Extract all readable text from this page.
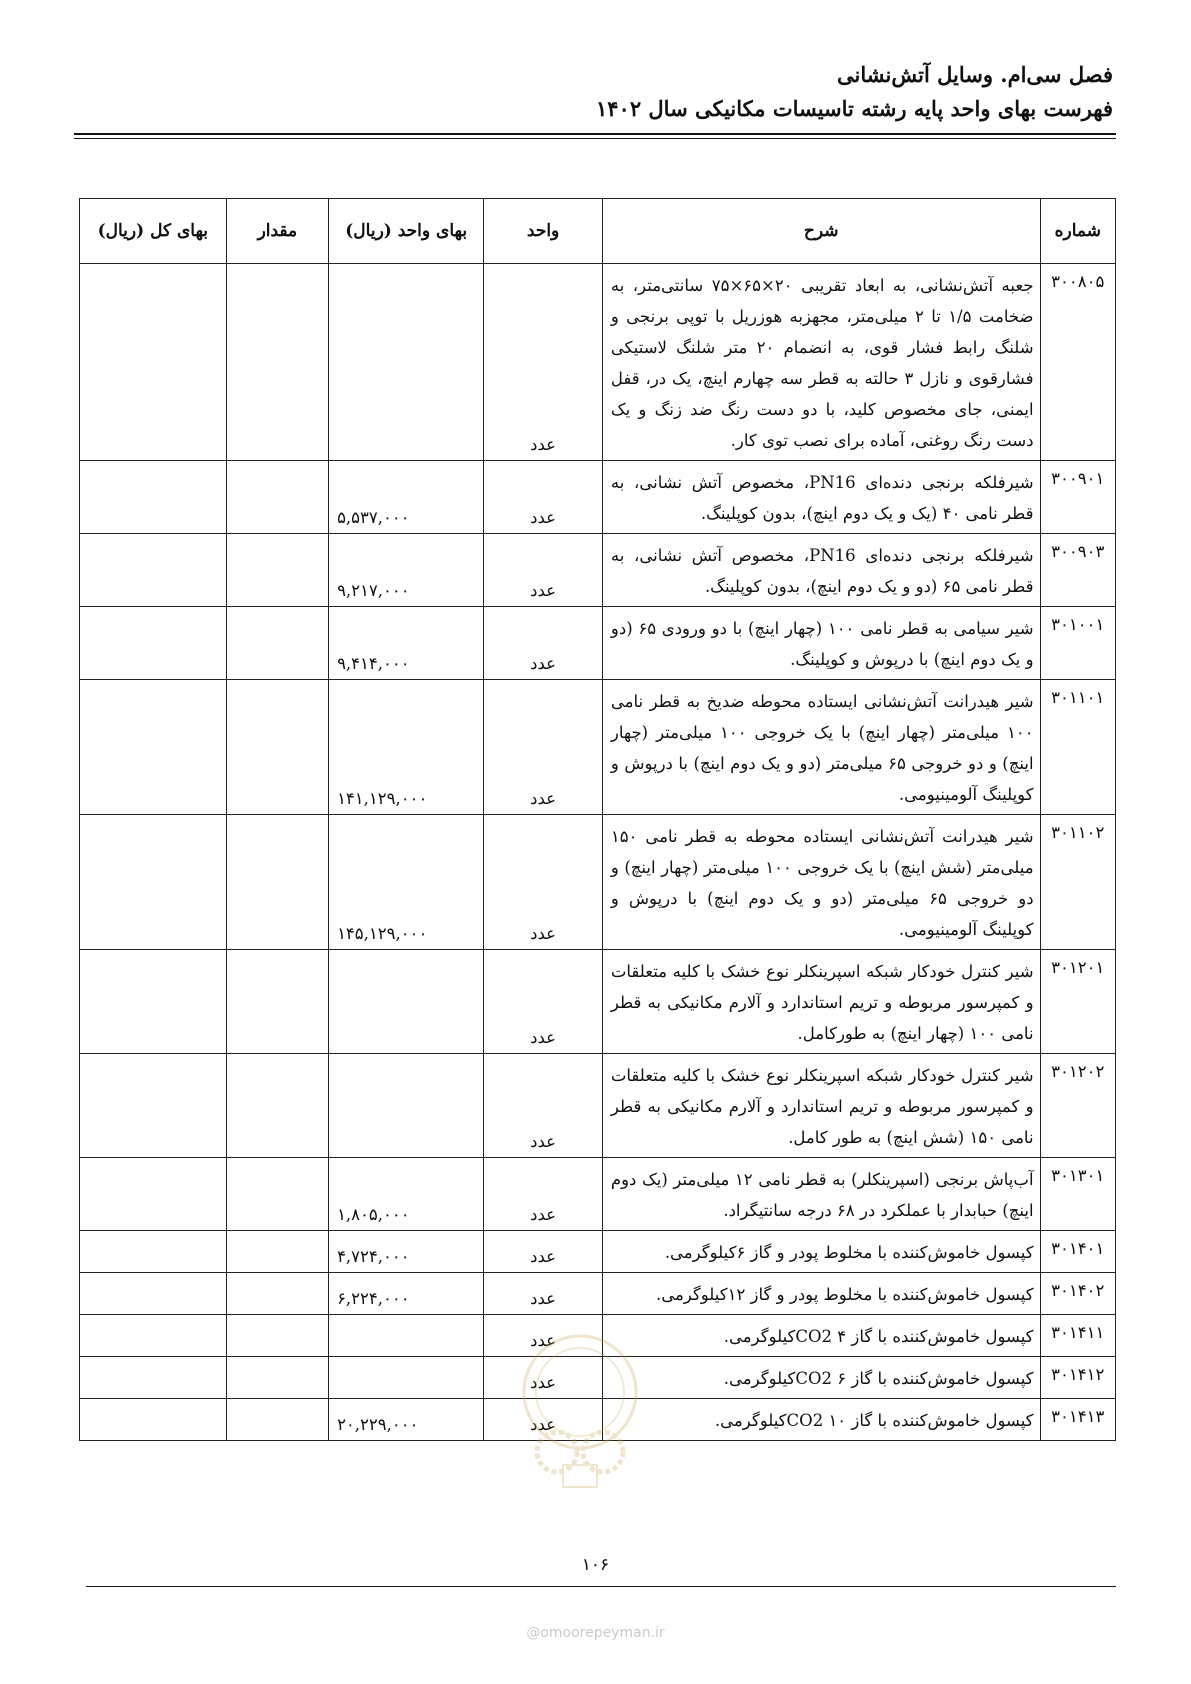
فصل سی‌ام. وسایل آتش‌نشانی
فهرست بهای واحد پایه رشته تاسیسات مکانیکی سال ۱۴۰۲
شماره	شرح	واحد	بهای واحد (ریال)	مقدار	بهای کل (ریال)
۳۰۰۸۰۵	جعبه آتش‌نشانی، به ابعاد تقریبی ۲۰×۶۵×۷۵ سانتی‌متر، به ضخامت ۱/۵ تا ۲ میلی‌متر، مجهزبه هوزریل با توپی برنجی و شلنگ رابط فشار قوی، به انضمام ۲۰ متر شلنگ لاستیکی فشارقوی و نازل ۳ حالته به قطر سه چهارم اینچ، یک در، قفل ایمنی، جای مخصوص کلید، با دو دست رنگ ضد زنگ و یک دست رنگ روغنی، آماده برای نصب توی کار.	عدد			
۳۰۰۹۰۱	شیرفلکه برنجی دنده‌ای PN16، مخصوص آتش نشانی، به قطر نامی ۴۰ (یک و یک دوم اینچ)، بدون کوپلینگ.	عدد	۵,۵۳۷,۰۰۰		
۳۰۰۹۰۳	شیرفلکه برنجی دنده‌ای PN16، مخصوص آتش نشانی، به قطر نامی ۶۵ (دو و یک دوم اینچ)، بدون کوپلینگ.	عدد	۹,۲۱۷,۰۰۰		
۳۰۱۰۰۱	شیر سیامی به قطر نامی ۱۰۰ (چهار اینچ) با دو ورودی ۶۵ (دو و یک دوم اینچ) با درپوش و کوپلینگ.	عدد	۹,۴۱۴,۰۰۰		
۳۰۱۱۰۱	شیر هیدرانت آتش‌نشانی ایستاده محوطه ضدیخ به قطر نامی ۱۰۰ میلی‌متر (چهار اینچ) با یک خروجی ۱۰۰ میلی‌متر (چهار اینچ) و دو خروجی ۶۵ میلی‌متر (دو و یک دوم اینچ) با درپوش و کوپلینگ آلومینیومی.	عدد	۱۴۱,۱۲۹,۰۰۰		
۳۰۱۱۰۲	شیر هیدرانت آتش‌نشانی ایستاده محوطه به قطر نامی ۱۵۰ میلی‌متر (شش اینچ) با یک خروجی ۱۰۰ میلی‌متر (چهار اینچ) و دو خروجی ۶۵ میلی‌متر (دو و یک دوم اینچ) با درپوش و کوپلینگ آلومینیومی.	عدد	۱۴۵,۱۲۹,۰۰۰		
۳۰۱۲۰۱	شیر کنترل خودکار شبکه اسپرینکلر نوع خشک با کلیه متعلقات و کمپرسور مربوطه و تریم استاندارد و آلارم مکانیکی به قطر نامی ۱۰۰ (چهار اینچ) به طورکامل.	عدد			
۳۰۱۲۰۲	شیر کنترل خودکار شبکه اسپرینکلر نوع خشک با کلیه متعلقات و کمپرسور مربوطه و تریم استاندارد و آلارم مکانیکی به قطر نامی ۱۵۰ (شش اینچ) به طور کامل.	عدد			
۳۰۱۳۰۱	آب‌پاش برنجی (اسپرینکلر) به قطر نامی ۱۲ میلی‌متر (یک دوم اینچ) حبابدار با عملکرد در ۶۸ درجه سانتیگراد.	عدد	۱,۸۰۵,۰۰۰		
۳۰۱۴۰۱	کپسول خاموش‌کننده با مخلوط پودر و گاز ۶کیلوگرمی.	عدد	۴,۷۲۴,۰۰۰		
۳۰۱۴۰۲	کپسول خاموش‌کننده با مخلوط پودر و گاز ۱۲کیلوگرمی.	عدد	۶,۲۲۴,۰۰۰		
۳۰۱۴۱۱	کپسول خاموش‌کننده با گاز CO2 ۴کیلوگرمی.	عدد			
۳۰۱۴۱۲	کپسول خاموش‌کننده با گاز CO2 ۶کیلوگرمی.	عدد			
۳۰۱۴۱۳	کپسول خاموش‌کننده با گاز CO2 ۱۰کیلوگرمی.	عدد	۲۰,۲۲۹,۰۰۰		
۱۰۶
@omoorepeyman.ir
